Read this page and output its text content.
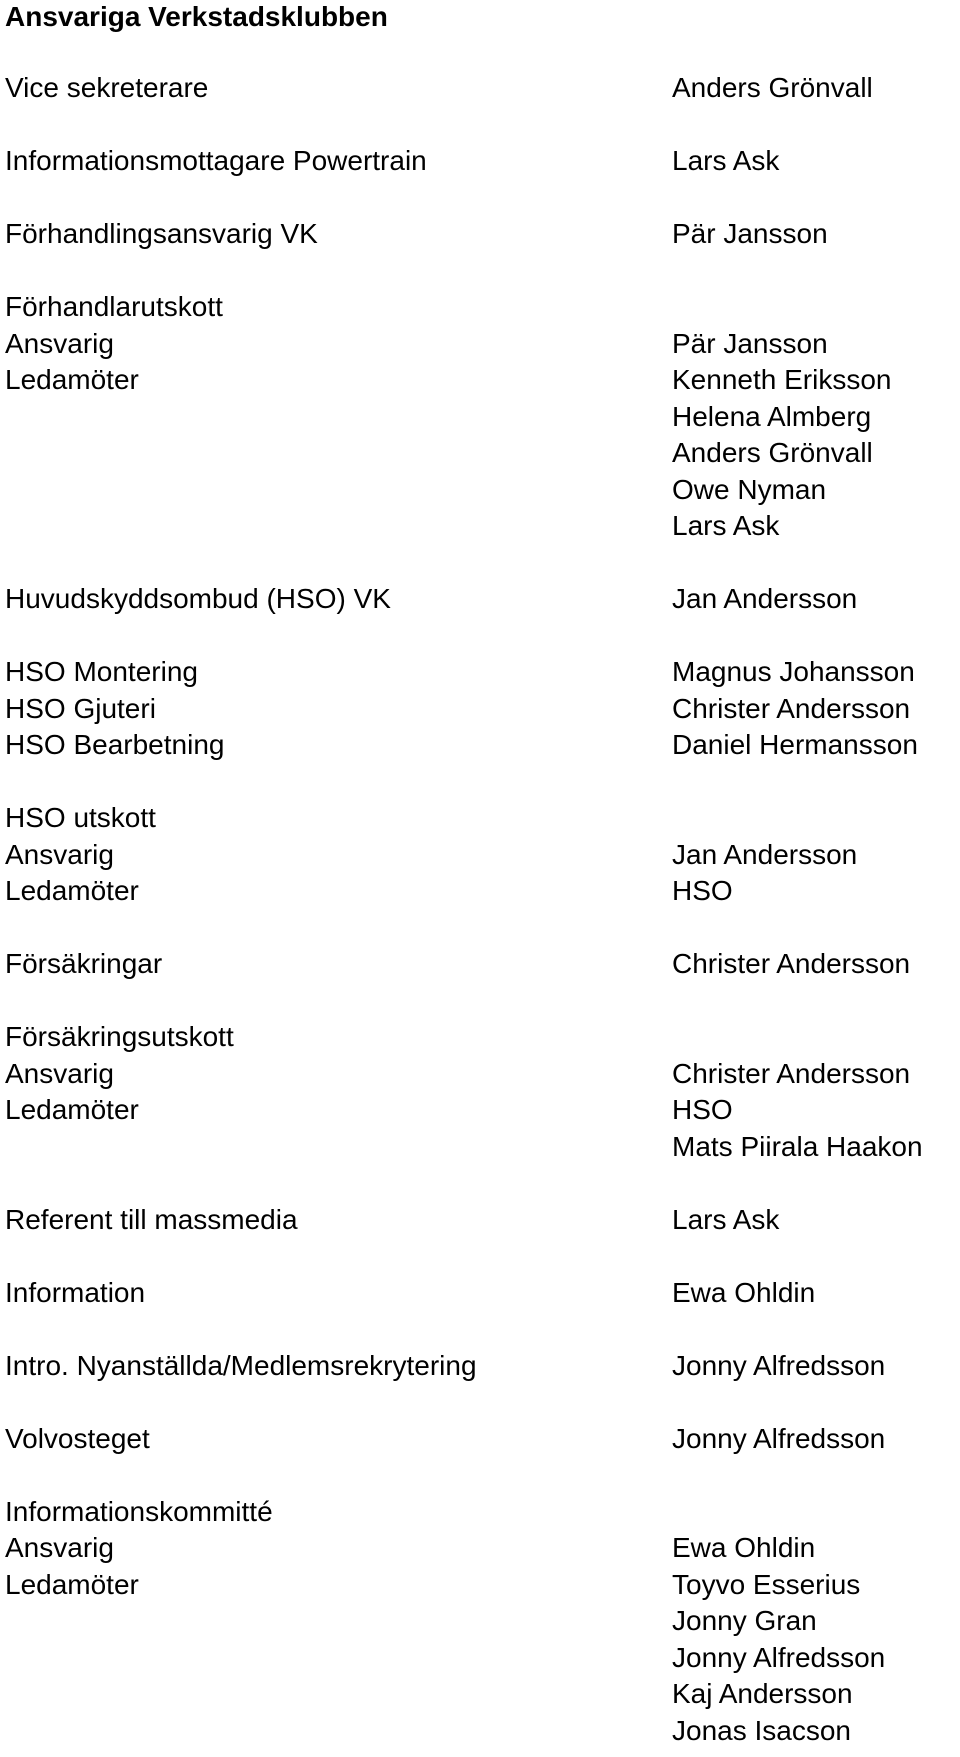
Ansvariga Verkstadsklubben
Vice sekreterare
Informationsmottagare Powertrain
Förhandlingsansvarig VK
Förhandlarutskott
Ansvarig
Ledamöter
Huvudskyddsombud (HSO) VK
HSO Montering
HSO Gjuteri
HSO Bearbetning
HSO utskott
Ansvarig
Ledamöter
Försäkringar
Försäkringsutskott
Ansvarig
Ledamöter
Referent till massmedia
Information
Intro. Nyanställda/Medlemsrekrytering
Volvosteget
Informationskommitté
Ansvarig
Ledamöter
Anders Grönvall
Lars Ask
Pär Jansson
Pär Jansson
Kenneth Eriksson
Helena Almberg
Anders Grönvall
Owe Nyman
Lars Ask
Jan Andersson
Magnus Johansson
Christer Andersson
Daniel Hermansson
Jan Andersson
HSO
Christer Andersson
Christer Andersson
HSO
Mats Piirala Haakon
Lars Ask
Ewa Ohldin
Jonny Alfredsson
Jonny Alfredsson
Ewa Ohldin
Toyvo Esserius
Jonny Gran
Jonny Alfredsson
Kaj Andersson
Jonas Isacson
